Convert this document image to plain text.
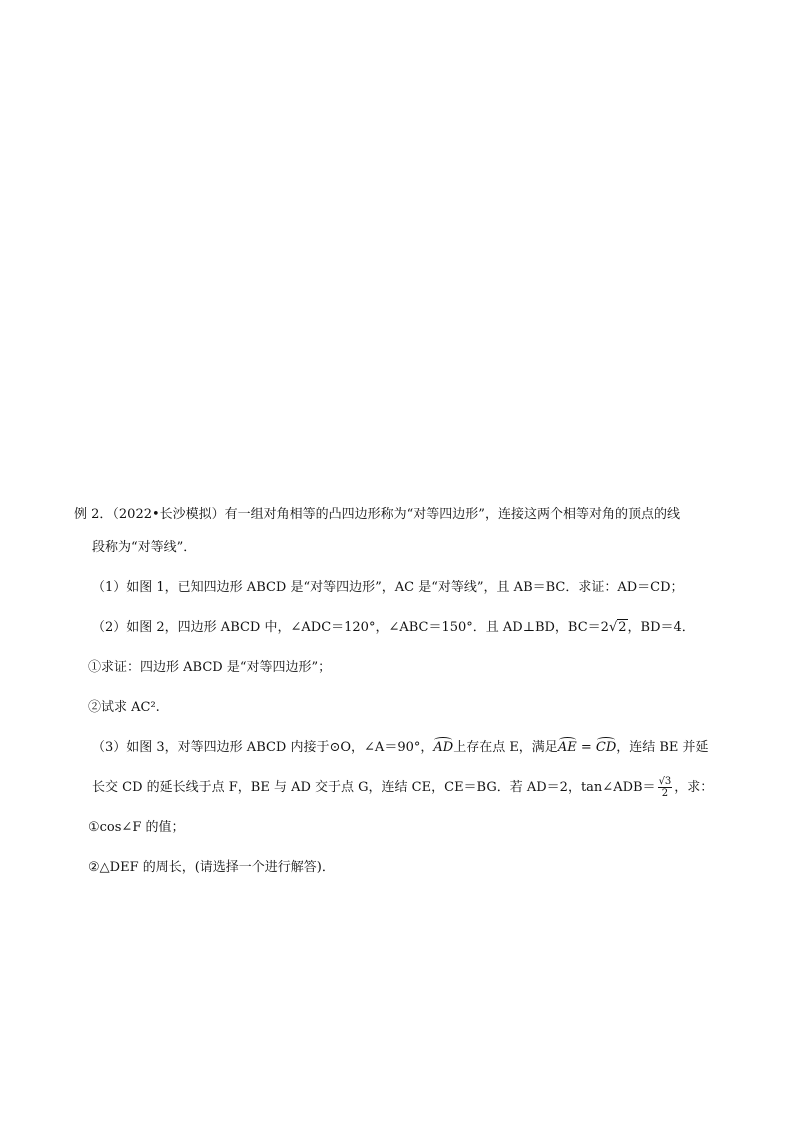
例 2．（2022•长沙模拟）有一组对角相等的凸四边形称为“对等四边形”，连接这两个相等对角的顶点的线
段称为“对等线”．
（1）如图 1，已知四边形 ABCD 是“对等四边形”，AC 是“对等线”，且 AB＝BC．求证：AD＝CD；
（2）如图 2，四边形 ABCD 中，∠ADC＝120°，∠ABC＝150°．且 AD⊥BD，BC＝2√2，BD＝4．
①求证：四边形 ABCD 是“对等四边形”；
②试求 AC².
（3）如图 3，对等四边形 ABCD 内接于⊙O，∠A＝90°，AD上存在点 E，满足AE = CD，连结 BE 并延
长交 CD 的延长线于点 F，BE 与 AD 交于点 G，连结 CE，CE＝BG．若 AD＝2，tan∠ADB＝ $\frac{√3}{2}$ ，求：
①cos∠F 的值；
②△DEF 的周长，(请选择一个进行解答)．
